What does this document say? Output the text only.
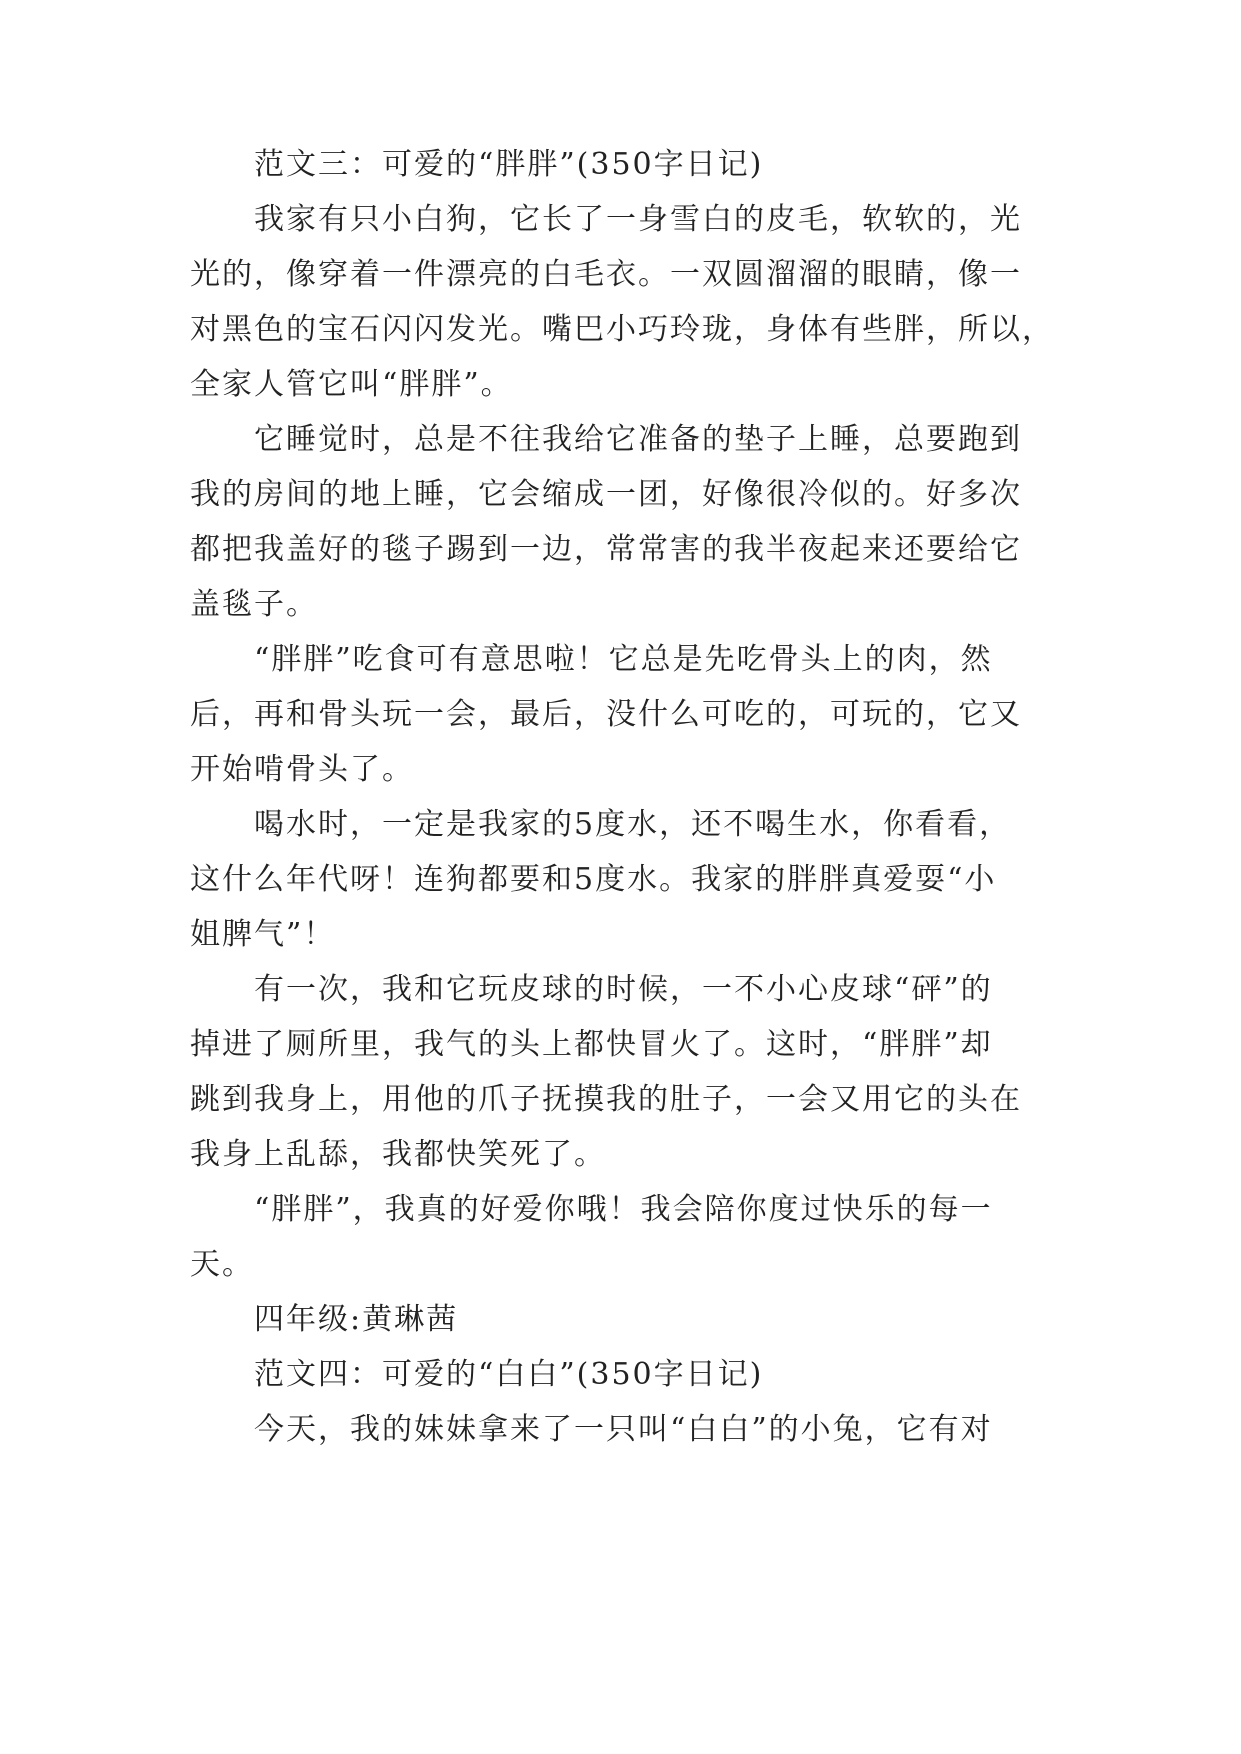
范文三：可爱的“胖胖”(350字日记)
我家有只小白狗，它长了一身雪白的皮毛，软软的，光
光的，像穿着一件漂亮的白毛衣。一双圆溜溜的眼睛，像一
对黑色的宝石闪闪发光。嘴巴小巧玲珑，身体有些胖，所以，
全家人管它叫“胖胖”。
它睡觉时，总是不往我给它准备的垫子上睡，总要跑到
我的房间的地上睡，它会缩成一团，好像很冷似的。好多次
都把我盖好的毯子踢到一边，常常害的我半夜起来还要给它
盖毯子。
“胖胖”吃食可有意思啦！它总是先吃骨头上的肉，然
后，再和骨头玩一会，最后，没什么可吃的，可玩的，它又
开始啃骨头了。
喝水时，一定是我家的5度水，还不喝生水，你看看，
这什么年代呀！连狗都要和5度水。我家的胖胖真爱耍“小
姐脾气”！
有一次，我和它玩皮球的时候，一不小心皮球“砰”的
掉进了厕所里，我气的头上都快冒火了。这时，“胖胖”却
跳到我身上，用他的爪子抚摸我的肚子，一会又用它的头在
我身上乱舔，我都快笑死了。
“胖胖”，我真的好爱你哦！我会陪你度过快乐的每一
天。
四年级:黄琳茜
范文四：可爱的“白白”(350字日记)
今天，我的妹妹拿来了一只叫“白白”的小兔，它有对
